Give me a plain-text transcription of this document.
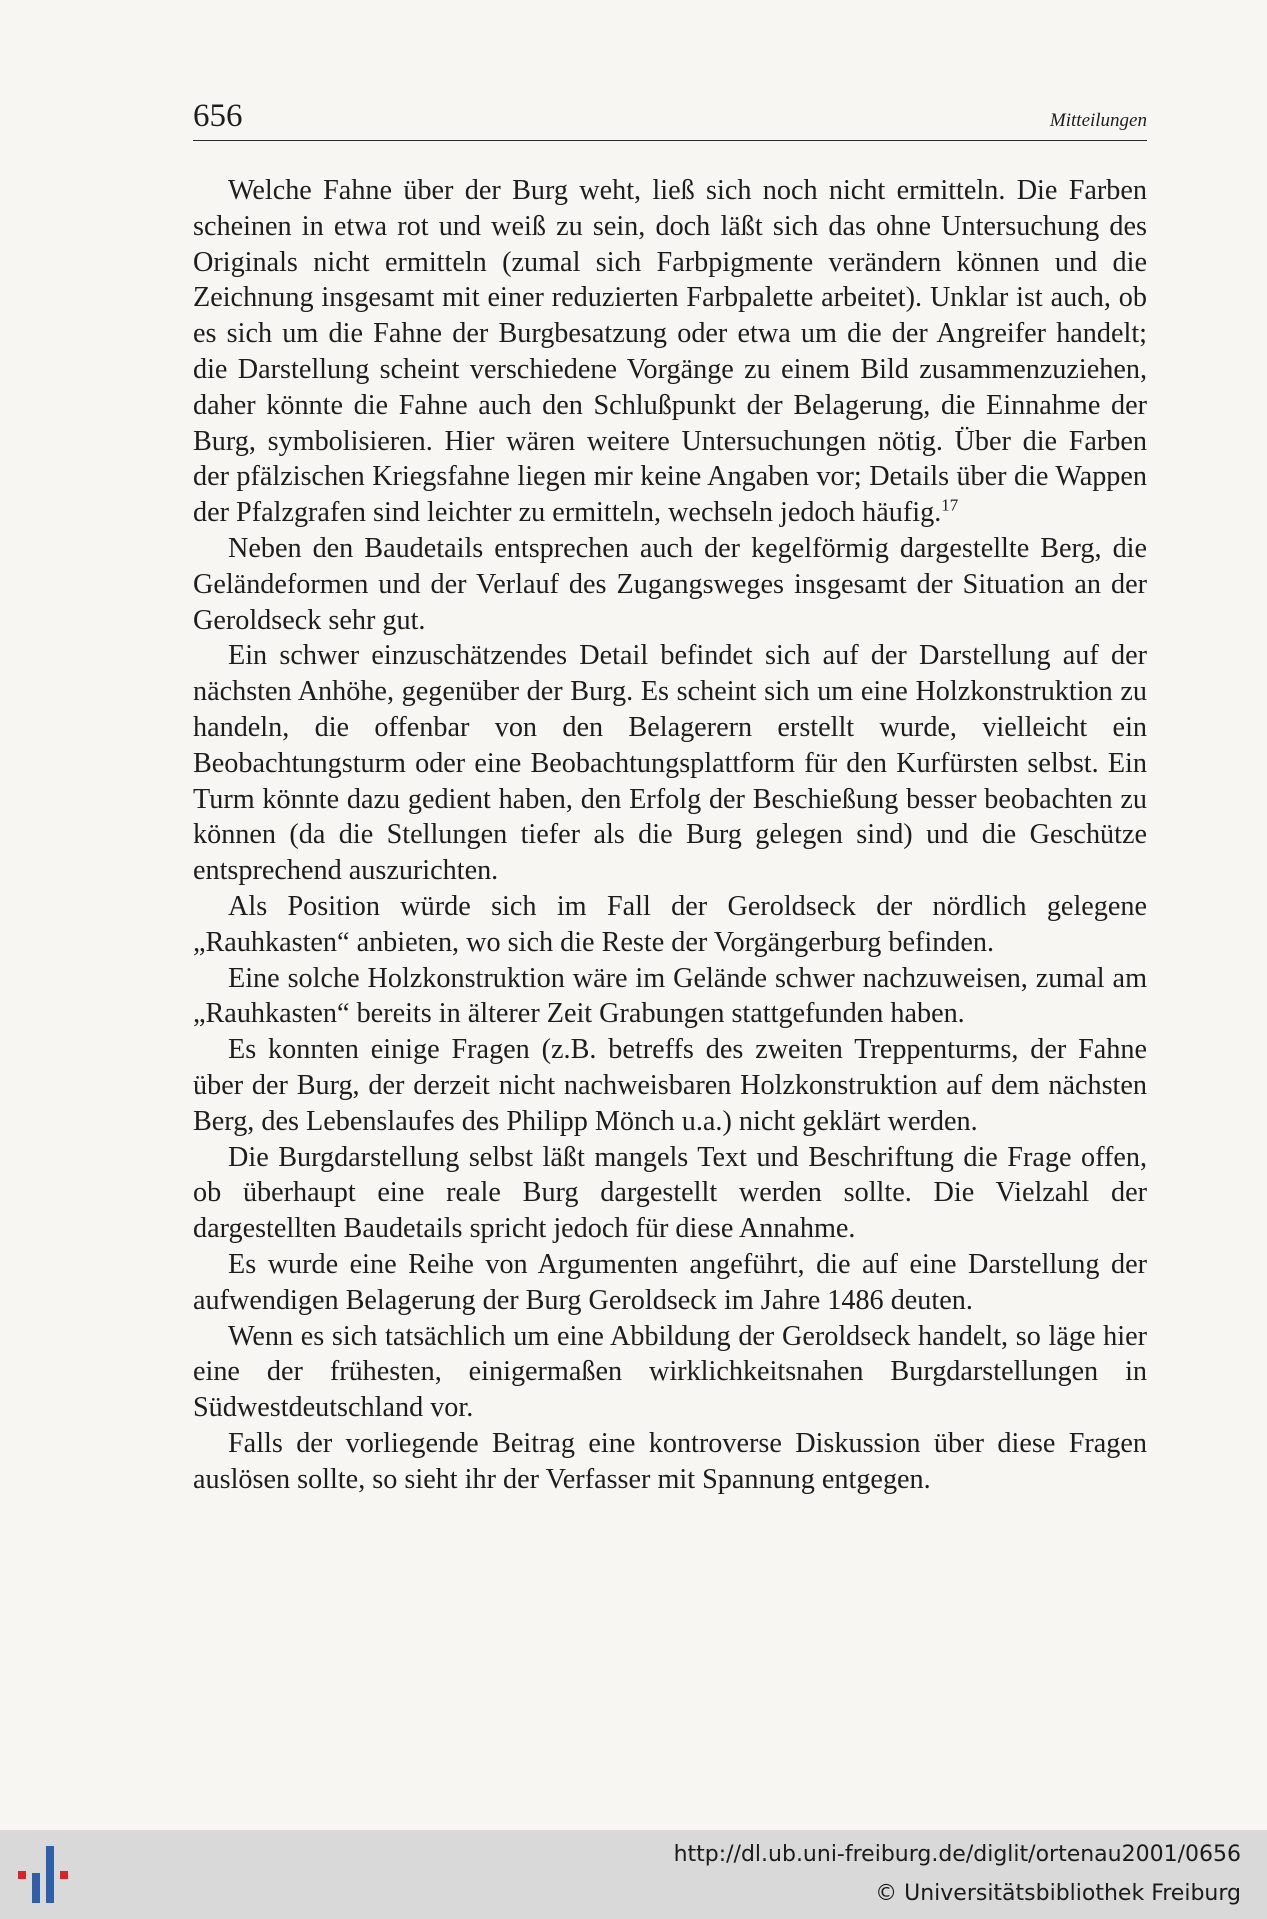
656	Mitteilungen

Welche Fahne über der Burg weht, ließ sich noch nicht ermitteln. Die Farben scheinen in etwa rot und weiß zu sein, doch läßt sich das ohne Untersuchung des Originals nicht ermitteln (zumal sich Farbpigmente verändern können und die Zeichnung insgesamt mit einer reduzierten Farbpalette arbeitet). Unklar ist auch, ob es sich um die Fahne der Burgbesatzung oder etwa um die der Angreifer handelt; die Darstellung scheint verschiedene Vorgänge zu einem Bild zusammenzuziehen, daher könnte die Fahne auch den Schlußpunkt der Belagerung, die Einnahme der Burg, symbolisieren. Hier wären weitere Untersuchungen nötig. Über die Farben der pfälzischen Kriegsfahne liegen mir keine Angaben vor; Details über die Wappen der Pfalzgrafen sind leichter zu ermitteln, wechseln jedoch häufig.$^{17}$

Neben den Baudetails entsprechen auch der kegelförmig dargestellte Berg, die Geländeformen und der Verlauf des Zugangsweges insgesamt der Situation an der Geroldseck sehr gut.

Ein schwer einzuschätzendes Detail befindet sich auf der Darstellung auf der nächsten Anhöhe, gegenüber der Burg. Es scheint sich um eine Holzkonstruktion zu handeln, die offenbar von den Belagerern erstellt wurde, vielleicht ein Beobachtungsturm oder eine Beobachtungsplattform für den Kurfürsten selbst. Ein Turm könnte dazu gedient haben, den Erfolg der Beschießung besser beobachten zu können (da die Stellungen tiefer als die Burg gelegen sind) und die Geschütze entsprechend auszurichten.

Als Position würde sich im Fall der Geroldseck der nördlich gelegene „Rauhkasten“ anbieten, wo sich die Reste der Vorgängerburg befinden.

Eine solche Holzkonstruktion wäre im Gelände schwer nachzuweisen, zumal am „Rauhkasten“ bereits in älterer Zeit Grabungen stattgefunden haben.

Es konnten einige Fragen (z.B. betreffs des zweiten Treppenturms, der Fahne über der Burg, der derzeit nicht nachweisbaren Holzkonstruktion auf dem nächsten Berg, des Lebenslaufes des Philipp Mönch u.a.) nicht geklärt werden.

Die Burgdarstellung selbst läßt mangels Text und Beschriftung die Frage offen, ob überhaupt eine reale Burg dargestellt werden sollte. Die Vielzahl der dargestellten Baudetails spricht jedoch für diese Annahme.

Es wurde eine Reihe von Argumenten angeführt, die auf eine Darstellung der aufwendigen Belagerung der Burg Geroldseck im Jahre 1486 deuten.

Wenn es sich tatsächlich um eine Abbildung der Geroldseck handelt, so läge hier eine der frühesten, einigermaßen wirklichkeitsnahen Burgdarstellungen in Südwestdeutschland vor.

Falls der vorliegende Beitrag eine kontroverse Diskussion über diese Fragen auslösen sollte, so sieht ihr der Verfasser mit Spannung entgegen.

http://dl.ub.uni-freiburg.de/diglit/ortenau2001/0656
© Universitätsbibliothek Freiburg
